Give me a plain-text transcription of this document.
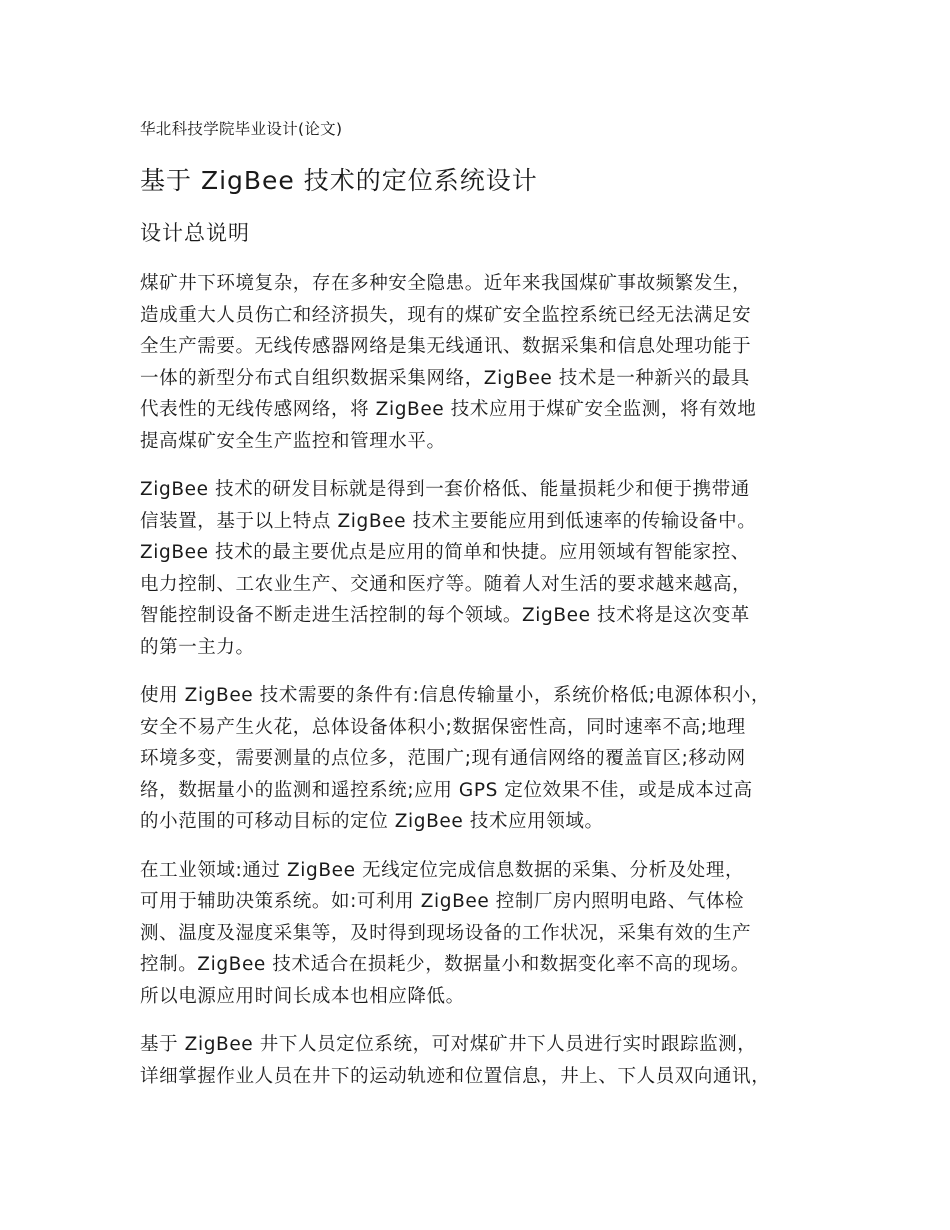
华北科技学院毕业设计(论文)
基于 ZigBee 技术的定位系统设计
设计总说明

煤矿井下环境复杂，存在多种安全隐患。近年来我国煤矿事故频繁发生，
造成重大人员伤亡和经济损失，现有的煤矿安全监控系统已经无法满足安
全生产需要。无线传感器网络是集无线通讯、数据采集和信息处理功能于
一体的新型分布式自组织数据采集网络，ZigBee 技术是一种新兴的最具
代表性的无线传感网络，将 ZigBee 技术应用于煤矿安全监测，将有效地
提高煤矿安全生产监控和管理水平。

ZigBee 技术的研发目标就是得到一套价格低、能量损耗少和便于携带通
信装置，基于以上特点 ZigBee 技术主要能应用到低速率的传输设备中。
ZigBee 技术的最主要优点是应用的简单和快捷。应用领域有智能家控、
电力控制、工农业生产、交通和医疗等。随着人对生活的要求越来越高，
智能控制设备不断走进生活控制的每个领域。ZigBee 技术将是这次变革
的第一主力。

使用 ZigBee 技术需要的条件有:信息传输量小，系统价格低;电源体积小，
安全不易产生火花，总体设备体积小;数据保密性高，同时速率不高;地理
环境多变，需要测量的点位多，范围广;现有通信网络的覆盖盲区;移动网
络，数据量小的监测和遥控系统;应用 GPS 定位效果不佳，或是成本过高
的小范围的可移动目标的定位 ZigBee 技术应用领域。

在工业领域:通过 ZigBee 无线定位完成信息数据的采集、分析及处理，
可用于辅助决策系统。如:可利用 ZigBee 控制厂房内照明电路、气体检
测、温度及湿度采集等，及时得到现场设备的工作状况，采集有效的生产
控制。ZigBee 技术适合在损耗少，数据量小和数据变化率不高的现场。
所以电源应用时间长成本也相应降低。

基于 ZigBee 井下人员定位系统，可对煤矿井下人员进行实时跟踪监测，
详细掌握作业人员在井下的运动轨迹和位置信息，井上、下人员双向通讯，
